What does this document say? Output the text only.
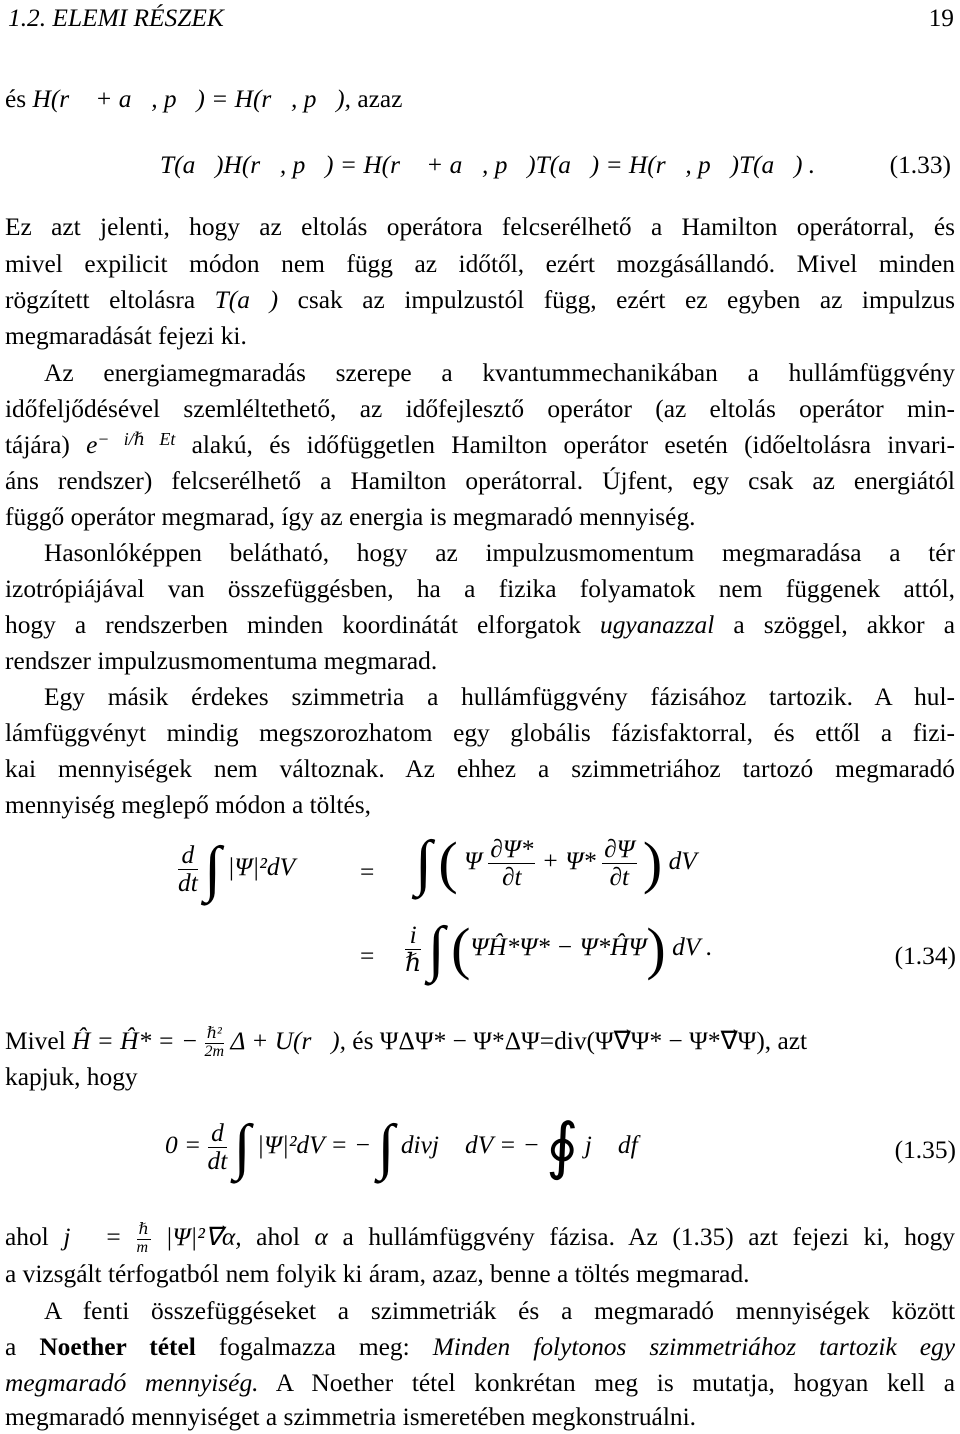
1.2. ELEMI RÉSZEK	19
és H(r⃗ + a⃗, p⃗) = H(r⃗, p⃗), azaz
T(a⃗)H(r⃗, p⃗) = H(r⃗ + a⃗, p⃗)T(a⃗) = H(r⃗, p⃗)T(a⃗) .	(1.33)
Ez azt jelenti, hogy az eltolás operátora felcserélhető a Hamilton operátorral, és
mivel expilicit módon nem függ az időtől, ezért mozgásállandó. Mivel minden
rögzített eltolásra T(a⃗) csak az impulzustól függ, ezért ez egyben az impulzus
megmaradását fejezi ki.
Az energiamegmaradás szerepe a kvantummechanikában a hullámfüggvény
időfeljődésével szemléltethető, az időfejlesztő operátor (az eltolás operátor min-
tájára) $e^{- i/\hbar Et}$ alakú, és időfüggetlen Hamilton operátor esetén (időeltolásra invari-
áns rendszer) felcserélhető a Hamilton operátorral. Újfent, egy csak az energiától
függő operátor megmarad, így az energia is megmaradó mennyiség.
Hasonlóképpen belátható, hogy az impulzusmomentum megmaradása a tér
izotrópiájával van összefüggésben, ha a fizika folyamatok nem függenek attól,
hogy a rendszerben minden koordinátát elforgatok ugyanazzal a szöggel, akkor a
rendszer impulzusmomentuma megmarad.
Egy másik érdekes szimmetria a hullámfüggvény fázisához tartozik. A hul-
lámfüggvényt mindig megszorozhatom egy globális fázisfaktorral, és ettől a fizi-
kai mennyiségek nem változnak. Az ehhez a szimmetriához tartozó megmaradó
mennyiség meglepő módon a töltés,
$\frac{d}{dt}$ ∫ |Ψ|²dV	= ∫ ( Ψ $\frac{\partial\Psi*}{\partial t} + \Psi* \frac{\partial\Psi}{\partial t}$ ) dV
= $\frac{i}{\text{ℏ}}$ ∫ (ΨĤ*Ψ* − Ψ*ĤΨ) dV .	(1.34)
Mivel Ĥ = Ĥ* = − $\frac{\text{ℏ²}}{2m}$ Δ + U(r⃗), és ΨΔΨ* − Ψ*ΔΨ=div(Ψ∇⃗Ψ* − Ψ*∇⃗Ψ), azt
kapjuk, hogy
$0 = \frac{d}{dt}$ ∫ |Ψ|²dV = − ∫ divj⃗ dV = − ∮ j⃗ df⃗	(1.35)
ahol j⃗ = $\frac{\text{ℏ}}{m}$ |Ψ|²∇⃗α, ahol α a hullámfüggvény fázisa. Az (1.35) azt fejezi ki, hogy
a vizsgált térfogatból nem folyik ki áram, azaz, benne a töltés megmarad.
A fenti összefüggéseket a szimmetriák és a megmaradó mennyiségek között
a Noether tétel fogalmazza meg: Minden folytonos szimmetriához tartozik egy
megmaradó mennyiség. A Noether tétel konkrétan meg is mutatja, hogyan kell a
megmaradó mennyiséget a szimmetria ismeretében megkonstruálni.
